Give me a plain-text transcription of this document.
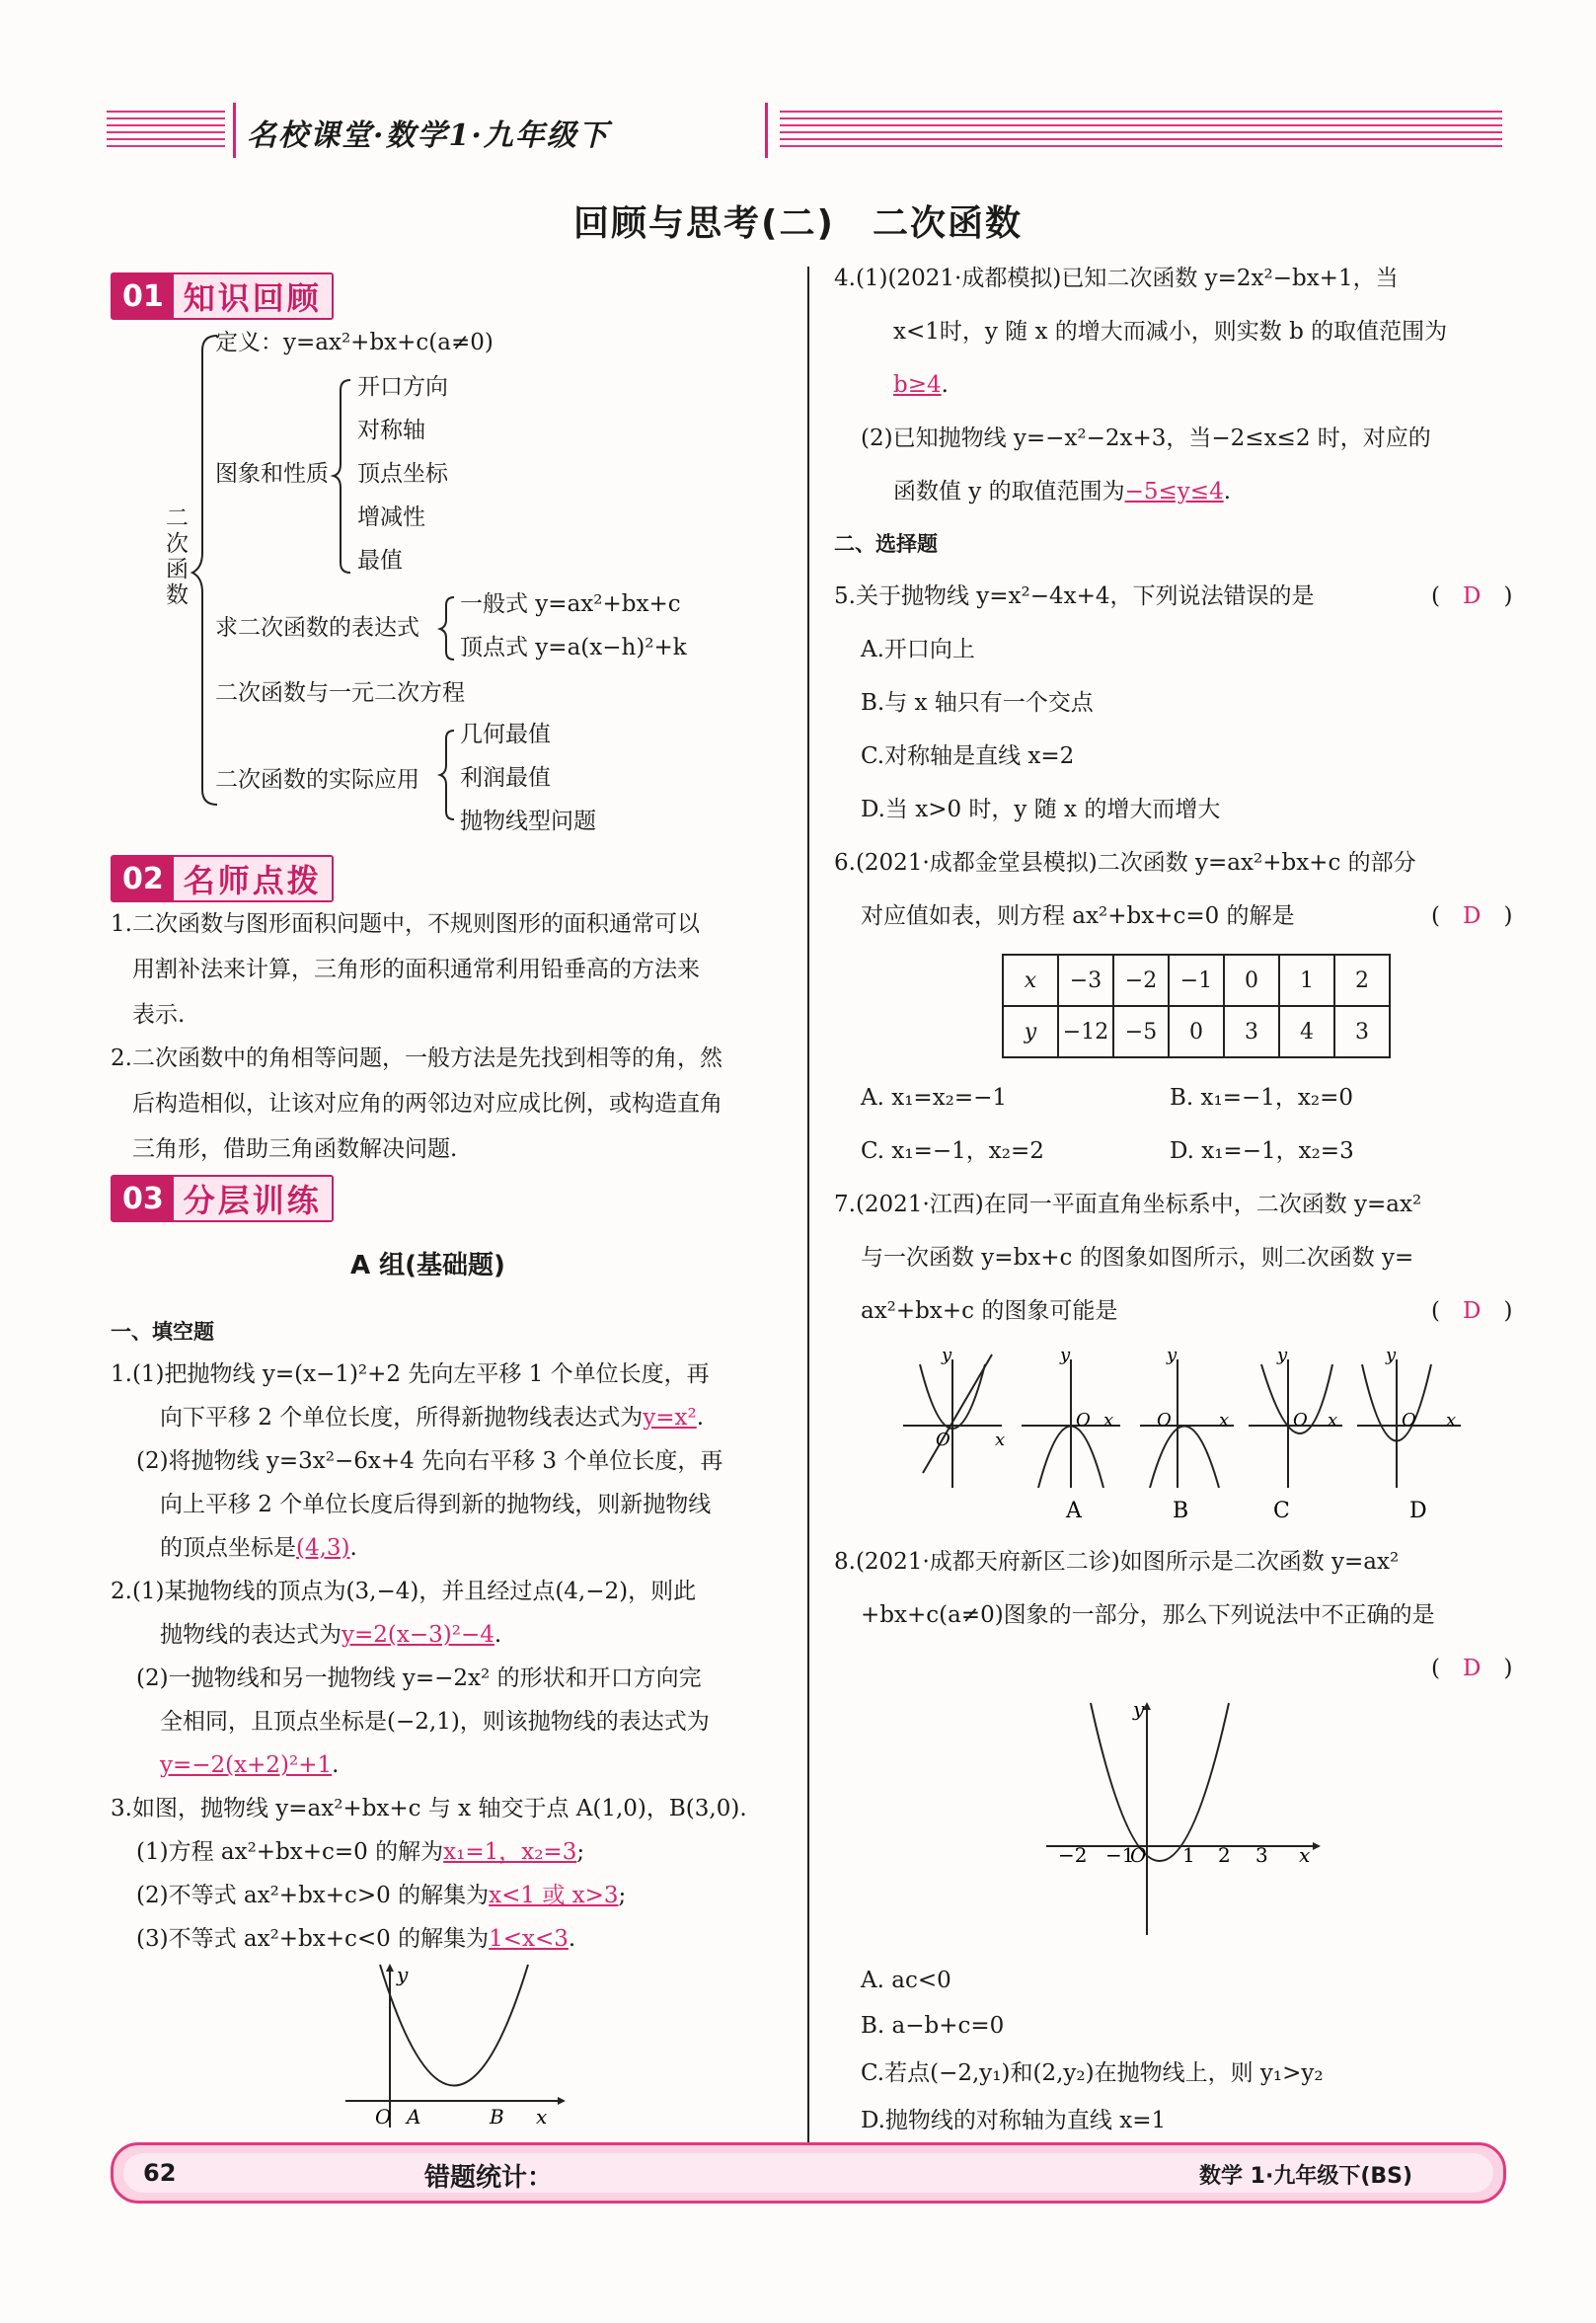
名校课堂·数学1·九年级下
回顾与思考(二)　二次函数
01 知识回顾
二次函数
定义：y=ax²+bx+c(a≠0)
图象和性质
开口方向
对称轴
顶点坐标
增减性
最值
求二次函数的表达式
一般式 y=ax²+bx+c
顶点式 y=a(x−h)²+k
二次函数与一元二次方程
二次函数的实际应用
几何最值
利润最值
抛物线型问题
02 名师点拨
1.二次函数与图形面积问题中，不规则图形的面积通常可以
用割补法来计算，三角形的面积通常利用铅垂高的方法来
表示.
2.二次函数中的角相等问题，一般方法是先找到相等的角，然
后构造相似，让该对应角的两邻边对应成比例，或构造直角
三角形，借助三角函数解决问题.
03 分层训练
A 组(基础题)
一、填空题
1.(1)把抛物线 y=(x−1)²+2 先向左平移 1 个单位长度，再
向下平移 2 个单位长度，所得新抛物线表达式为y=x².
(2)将抛物线 y=3x²−6x+4 先向右平移 3 个单位长度，再
向上平移 2 个单位长度后得到新的抛物线，则新抛物线
的顶点坐标是(4,3).
2.(1)某抛物线的顶点为(3,−4)，并且经过点(4,−2)，则此
抛物线的表达式为y=2(x−3)²−4.
(2)一抛物线和另一抛物线 y=−2x² 的形状和开口方向完
全相同，且顶点坐标是(−2,1)，则该抛物线的表达式为
y=−2(x+2)²+1.
3.如图，抛物线 y=ax²+bx+c 与 x 轴交于点 A(1,0)，B(3,0).
(1)方程 ax²+bx+c=0 的解为x₁=1，x₂=3;
(2)不等式 ax²+bx+c>0 的解集为x<1 或 x>3;
(3)不等式 ax²+bx+c<0 的解集为1<x<3.
O A	B x
y
4.(1)(2021·成都模拟)已知二次函数 y=2x²−bx+1，当
x<1时，y 随 x 的增大而减小，则实数 b 的取值范围为
b≥4.
(2)已知抛物线 y=−x²−2x+3，当−2≤x≤2 时，对应的
函数值 y 的取值范围为−5≤y≤4.
二、选择题
5.关于抛物线 y=x²−4x+4，下列说法错误的是	(　D　)
A.开口向上
B.与 x 轴只有一个交点
C.对称轴是直线 x=2
D.当 x>0 时，y 随 x 的增大而增大
6.(2021·成都金堂县模拟)二次函数 y=ax²+bx+c 的部分
对应值如表，则方程 ax²+bx+c=0 的解是	(　D　)
x	−3	−2	−1	0	1	2
y	−12	−5	0	3	4	3
A. x₁=x₂=−1	B. x₁=−1，x₂=0
C. x₁=−1，x₂=2	D. x₁=−1，x₂=3
7.(2021·江西)在同一平面直角坐标系中，二次函数 y=ax²
与一次函数 y=bx+c 的图象如图所示，则二次函数 y=
ax²+bx+c 的图象可能是	(　D　)
O	x
y
O x
y
A
O	x
y
B
O x
y
C
O x
y
D
8.(2021·成都天府新区二诊)如图所示是二次函数 y=ax²
+bx+c(a≠0)图象的一部分，那么下列说法中不正确的是
(　D　)
−2 −1
O 1 2 3 x
y
A. ac<0
B. a−b+c=0
C.若点(−2,y₁)和(2,y₂)在抛物线上，则 y₁>y₂
62	错题统计：	数学 1·九年级下(BS)
D.抛物线的对称轴为直线 x=1
